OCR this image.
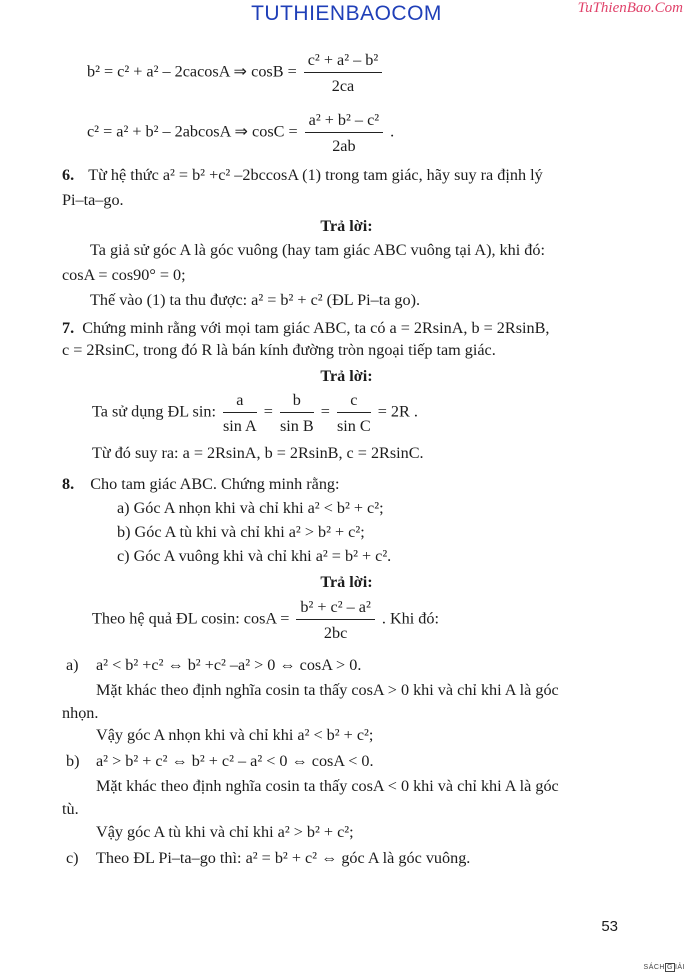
TUTHIENBAOCOM	TuThienBao.Com
b² = c² + a² – 2cacosA ⇒ $\cos B = \frac{\text{c² + a² – b²}}{2ca}$
c² = a² + b² – 2abcosA ⇒ $\cos C = \frac{\text{a² + b² – c²}}{2ab}$ .
6. Từ hệ thức a² = b² +c² –2bccosA (1) trong tam giác, hãy suy ra định lý
Pi–ta–go.
Trả lời:
Ta giả sử góc A là góc vuông (hay tam giác ABC vuông tại A), khi đó:
cosA = cos90° = 0;
Thế vào (1) ta thu được: a² = b² + c² (ĐL Pi–ta go).
7. Chứng minh rằng với mọi tam giác ABC, ta có a = 2RsinA, b = 2RsinB,
c = 2RsinC, trong đó R là bán kính đường tròn ngoại tiếp tam giác.
Trả lời:
Ta sử dụng ĐL sin: $\frac{a}{\text{sin A}} = \frac{b}{\text{sin B}} = \frac{c}{\text{sin C}} = 2R$ .
Từ đó suy ra: a = 2RsinA, b = 2RsinB, c = 2RsinC.
8. Cho tam giác ABC. Chứng minh rằng:
a) Góc A nhọn khi và chỉ khi a² < b² + c²;
b) Góc A tù khi và chỉ khi a² > b² + c²;
c) Góc A vuông khi và chỉ khi a² = b² + c².
Trả lời:
Theo hệ quả ĐL cosin: $\cos A = \frac{\text{b² + c² – a²}}{2bc}$ . Khi đó:
a) a² < b² +c² ⇔ b² +c² –a² > 0 ⇔ cosA > 0.
Mặt khác theo định nghĩa cosin ta thấy cosA > 0 khi và chỉ khi A là góc
nhọn.
Vậy góc A nhọn khi và chỉ khi a² < b² + c²;
b) a² > b² + c² ⇔ b² + c² – a² < 0 ⇔ cosA < 0.
Mặt khác theo định nghĩa cosin ta thấy cosA < 0 khi và chỉ khi A là góc
tù.
Vậy góc A tù khi và chỉ khi a² > b² + c²;
c) Theo ĐL Pi–ta–go thì: a² = b² + c² ⇔ góc A là góc vuông.
53
SÁCH G IẢI
